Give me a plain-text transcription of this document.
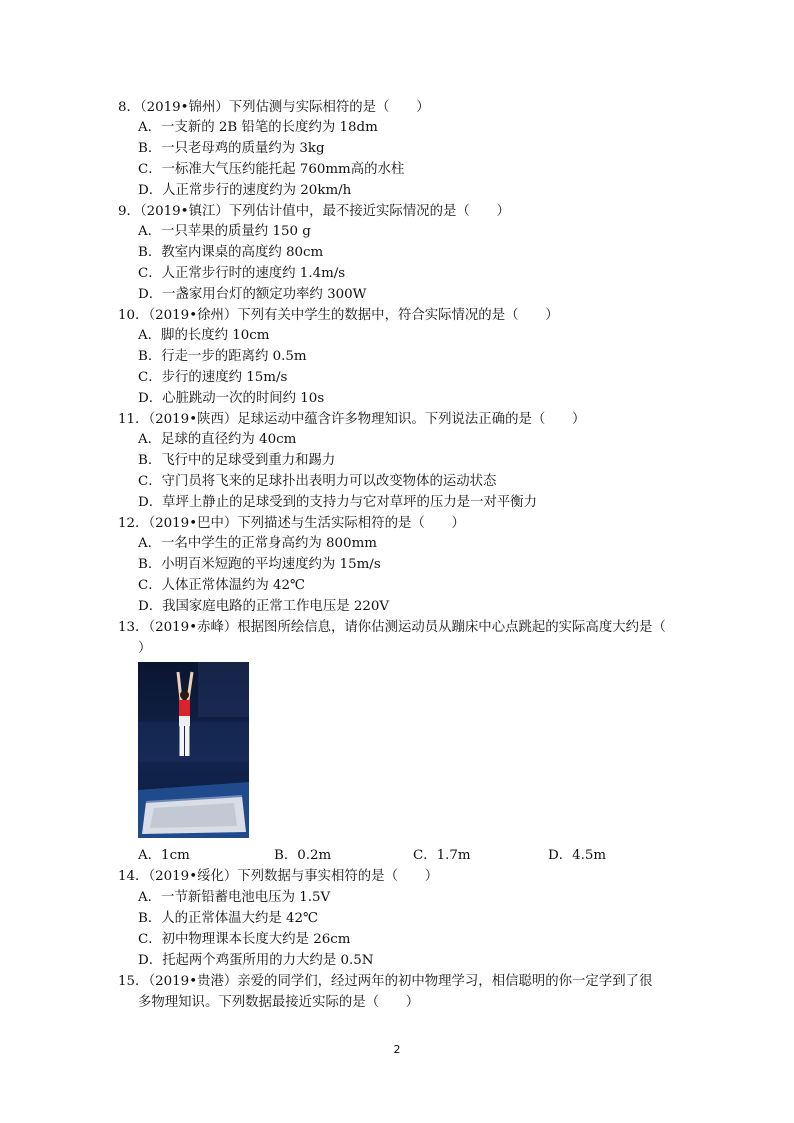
8．（2019•锦州）下列估测与实际相符的是（　　）
A．一支新的 2B 铅笔的长度约为 18dm
B．一只老母鸡的质量约为 3kg
C．一标准大气压约能托起 760mm高的水柱
D．人正常步行的速度约为 20km/h
9．（2019•镇江）下列估计值中，最不接近实际情况的是（　　）
A．一只苹果的质量约 150 g
B．教室内课桌的高度约 80cm
C．人正常步行时的速度约 1.4m/s
D．一盏家用台灯的额定功率约 300W
10．（2019•徐州）下列有关中学生的数据中，符合实际情况的是（　　）
A．脚的长度约 10cm
B．行走一步的距离约 0.5m
C．步行的速度约 15m/s
D．心脏跳动一次的时间约 10s
11．（2019•陕西）足球运动中蕴含许多物理知识。下列说法正确的是（　　）
A．足球的直径约为 40cm
B．飞行中的足球受到重力和踢力
C．守门员将飞来的足球扑出表明力可以改变物体的运动状态
D．草坪上静止的足球受到的支持力与它对草坪的压力是一对平衡力
12．（2019•巴中）下列描述与生活实际相符的是（　　）
A．一名中学生的正常身高约为 800mm
B．小明百米短跑的平均速度约为 15m/s
C．人体正常体温约为 42℃
D．我国家庭电路的正常工作电压是 220V
13．（2019•赤峰）根据图所绘信息，请你估测运动员从蹦床中心点跳起的实际高度大约是（
）
A．1cm	B．0.2m	C．1.7m	D．4.5m
14．（2019•绥化）下列数据与事实相符的是（　　）
A．一节新铅蓄电池电压为 1.5V
B．人的正常体温大约是 42℃
C．初中物理课本长度大约是 26cm
D．托起两个鸡蛋所用的力大约是 0.5N
15．（2019•贵港）亲爱的同学们，经过两年的初中物理学习，相信聪明的你一定学到了很
多物理知识。下列数据最接近实际的是（　　）
2
